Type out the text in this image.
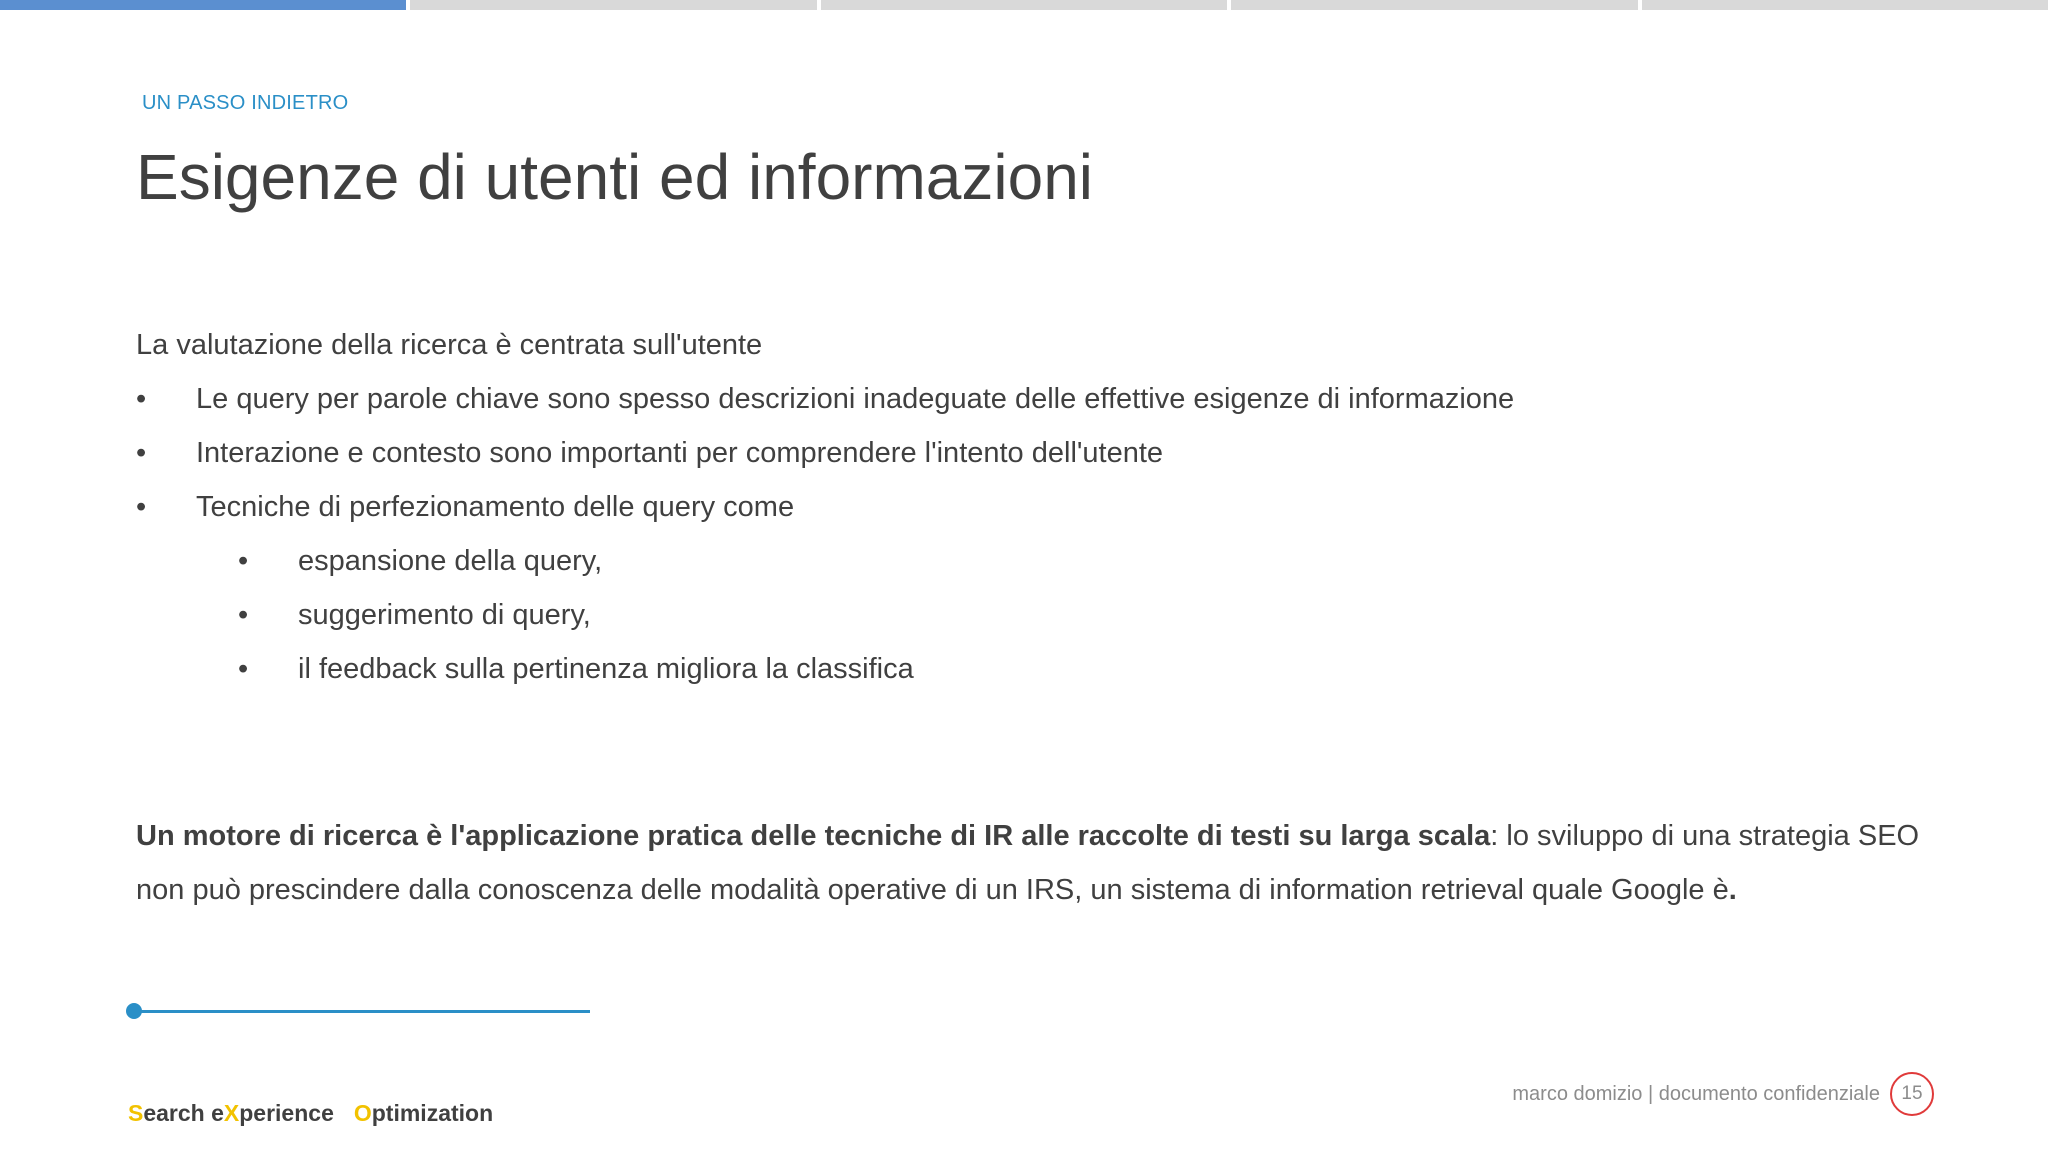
UN PASSO INDIETRO
Esigenze di utenti ed informazioni
La valutazione della ricerca è centrata sull'utente
• Le query per parole chiave sono spesso descrizioni inadeguate delle effettive esigenze di informazione
• Interazione e contesto sono importanti per comprendere l'intento dell'utente
• Tecniche di perfezionamento delle query come
• espansione della query,
• suggerimento di query,
• il feedback sulla pertinenza migliora la classifica
Un motore di ricerca è l'applicazione pratica delle tecniche di IR alle raccolte di testi su larga scala: lo sviluppo di una strategia SEO non può prescindere dalla conoscenza delle modalità operative di un IRS, un sistema di information retrieval quale Google è.
Search eXperience Optimization
marco domizio | documento confidenziale	15
